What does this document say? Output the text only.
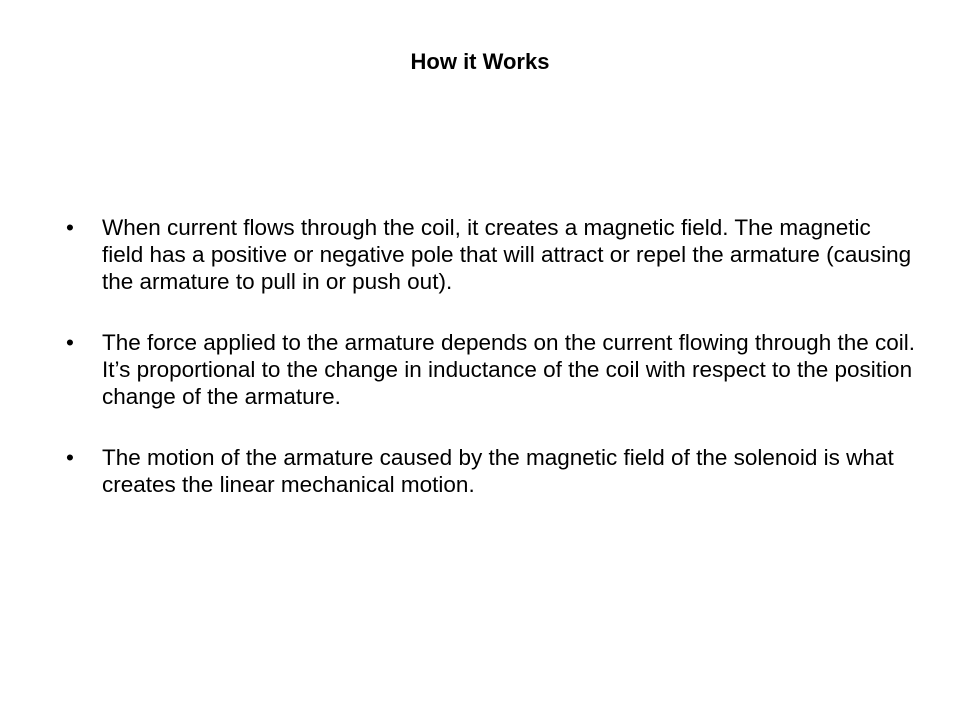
How it Works
•	When current flows through the coil, it creates a magnetic field. The magnetic field has a positive or negative pole that will attract or repel the armature (causing the armature to pull in or push out).
•	The force applied to the armature depends on the current flowing through the coil. It’s proportional to the change in inductance of the coil with respect to the position change of the armature.
•	The motion of the armature caused by the magnetic field of the solenoid is what creates the linear mechanical motion.
